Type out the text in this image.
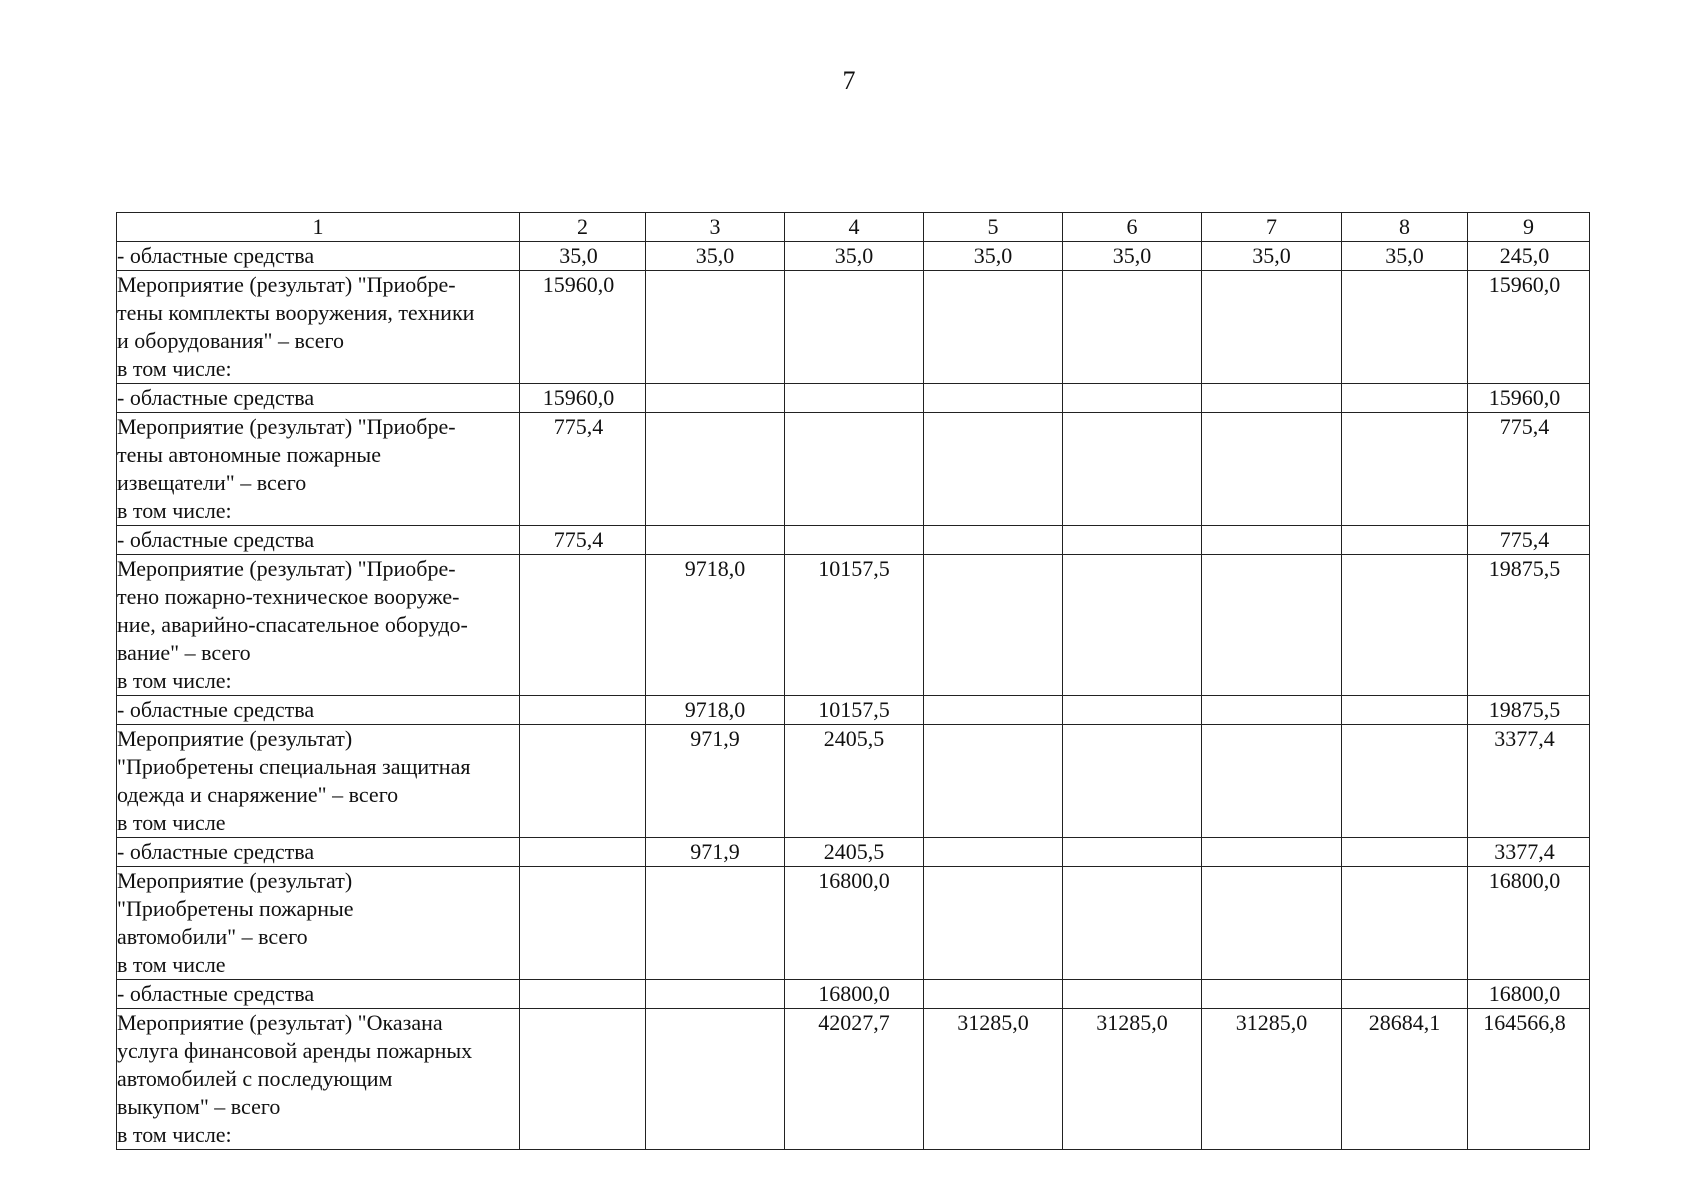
7
1	2	3	4	5	6	7	8	9

- областные средства	35,0	35,0	35,0	35,0	35,0	35,0	35,0	245,0

Мероприятие (результат) "Приобре-
тены комплекты вооружения, техники
и оборудования" – всего
в том числе:	15960,0							15960,0

- областные средства	15960,0							15960,0

Мероприятие (результат) "Приобре-
тены автономные пожарные
извещатели" – всего
в том числе:	775,4							775,4

- областные средства	775,4							775,4

Мероприятие (результат) "Приобре-
тено пожарно-техническое вооруже-
ние, аварийно-спасательное оборудо-
вание" – всего
в том числе:		9718,0	10157,5					19875,5

- областные средства		9718,0	10157,5					19875,5

Мероприятие (результат)
"Приобретены специальная защитная
одежда и снаряжение" – всего
в том числе		971,9	2405,5					3377,4

- областные средства		971,9	2405,5					3377,4

Мероприятие (результат)
"Приобретены пожарные
автомобили" – всего
в том числе			16800,0					16800,0

- областные средства			16800,0					16800,0

Мероприятие (результат) "Оказана
услуга финансовой аренды пожарных
автомобилей с последующим
выкупом" – всего
в том числе:			42027,7	31285,0	31285,0	31285,0	28684,1	164566,8
